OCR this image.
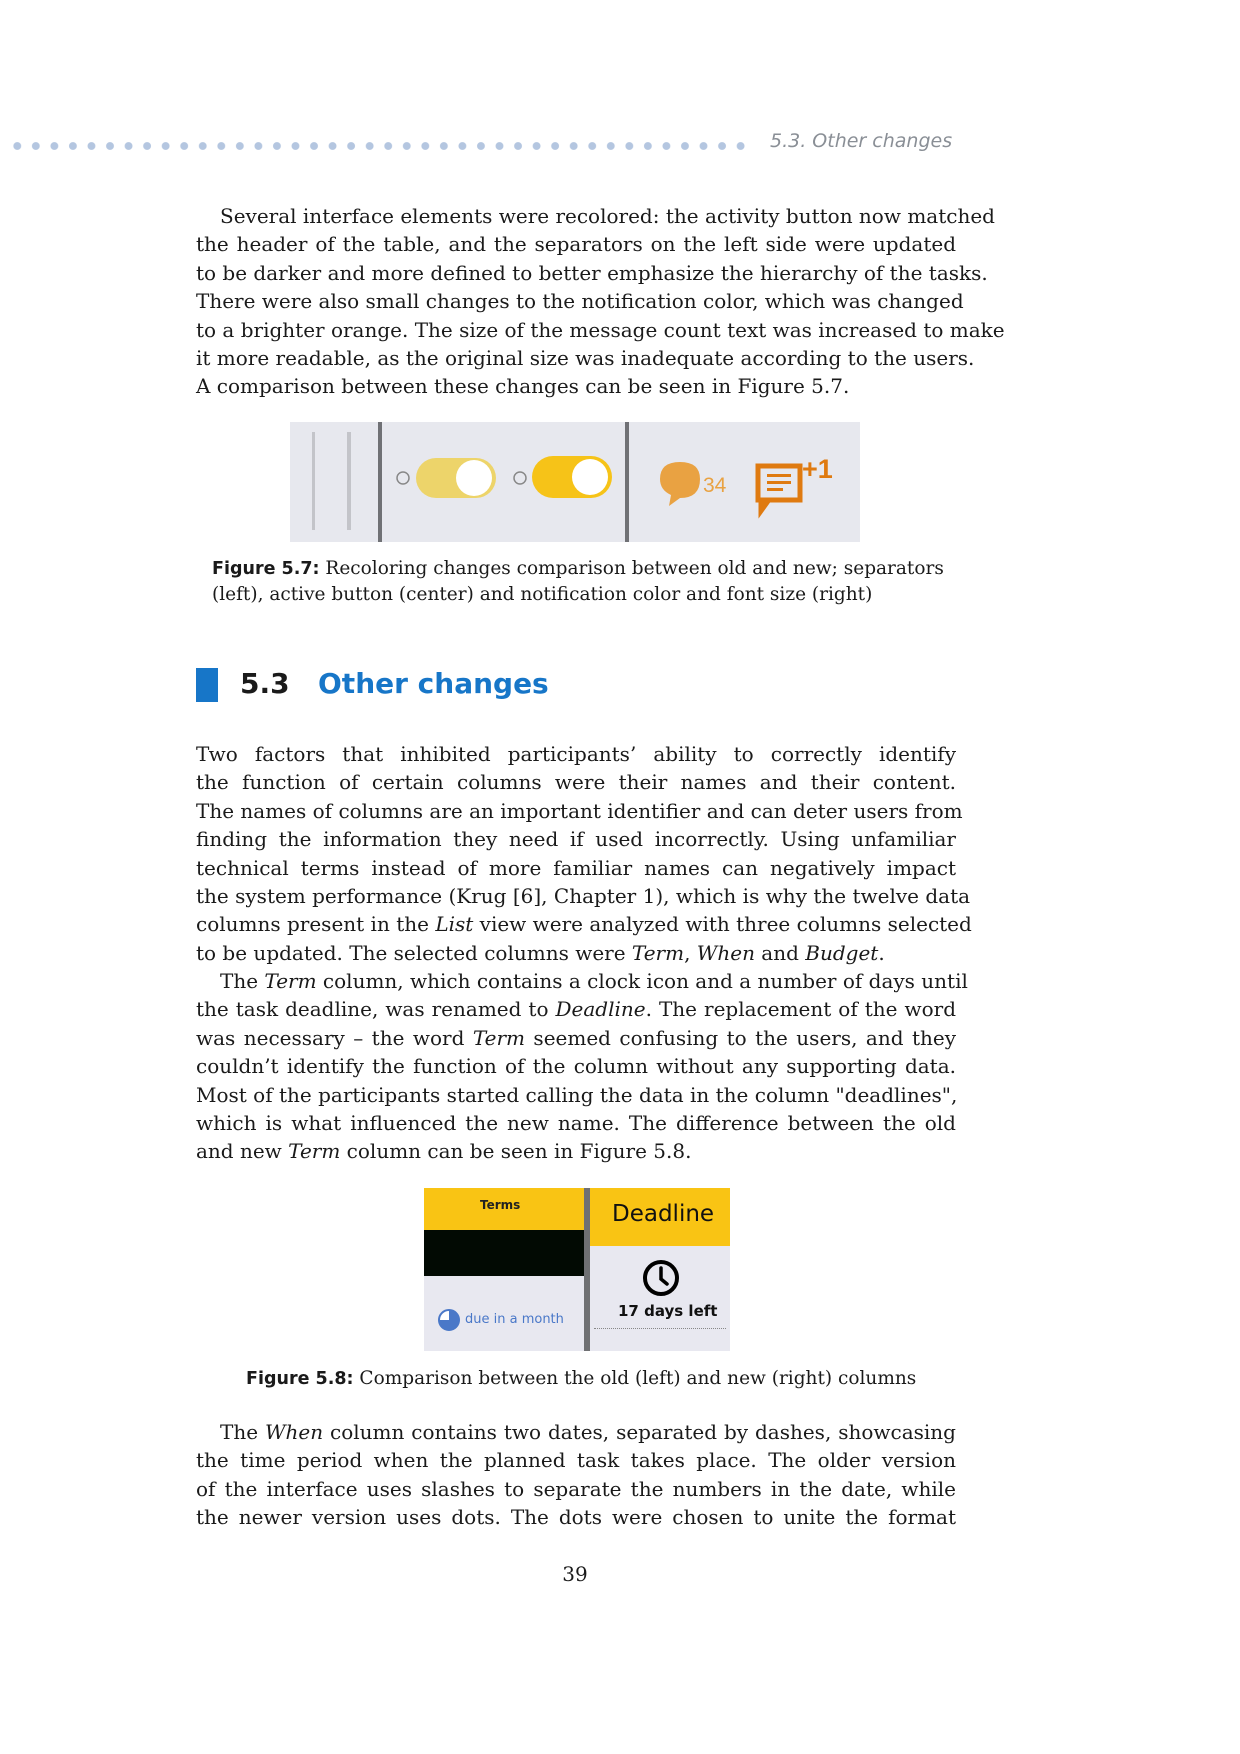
5.3. Other changes
Several interface elements were recolored: the activity button now matched
the header of the table, and the separators on the left side were updated
to be darker and more defined to better emphasize the hierarchy of the tasks.
There were also small changes to the notification color, which was changed
to a brighter orange. The size of the message count text was increased to make
it more readable, as the original size was inadequate according to the users.
A comparison between these changes can be seen in Figure 5.7.
34
+1
Figure 5.7: Recoloring changes comparison between old and new; separators
(left), active button (center) and notification color and font size (right)
5.3 Other changes
Two factors that inhibited participants’ ability to correctly identify
the function of certain columns were their names and their content.
The names of columns are an important identifier and can deter users from
finding the information they need if used incorrectly. Using unfamiliar
technical terms instead of more familiar names can negatively impact
the system performance (Krug [6], Chapter 1), which is why the twelve data
columns present in the List view were analyzed with three columns selected
to be updated. The selected columns were Term, When and Budget.
The Term column, which contains a clock icon and a number of days until
the task deadline, was renamed to Deadline. The replacement of the word
was necessary – the word Term seemed confusing to the users, and they
couldn’t identify the function of the column without any supporting data.
Most of the participants started calling the data in the column "deadlines",
which is what influenced the new name. The difference between the old
and new Term column can be seen in Figure 5.8.
Terms
due in a month
Deadline
17 days left
Figure 5.8: Comparison between the old (left) and new (right) columns
The When column contains two dates, separated by dashes, showcasing
the time period when the planned task takes place. The older version
of the interface uses slashes to separate the numbers in the date, while
the newer version uses dots. The dots were chosen to unite the format
39
